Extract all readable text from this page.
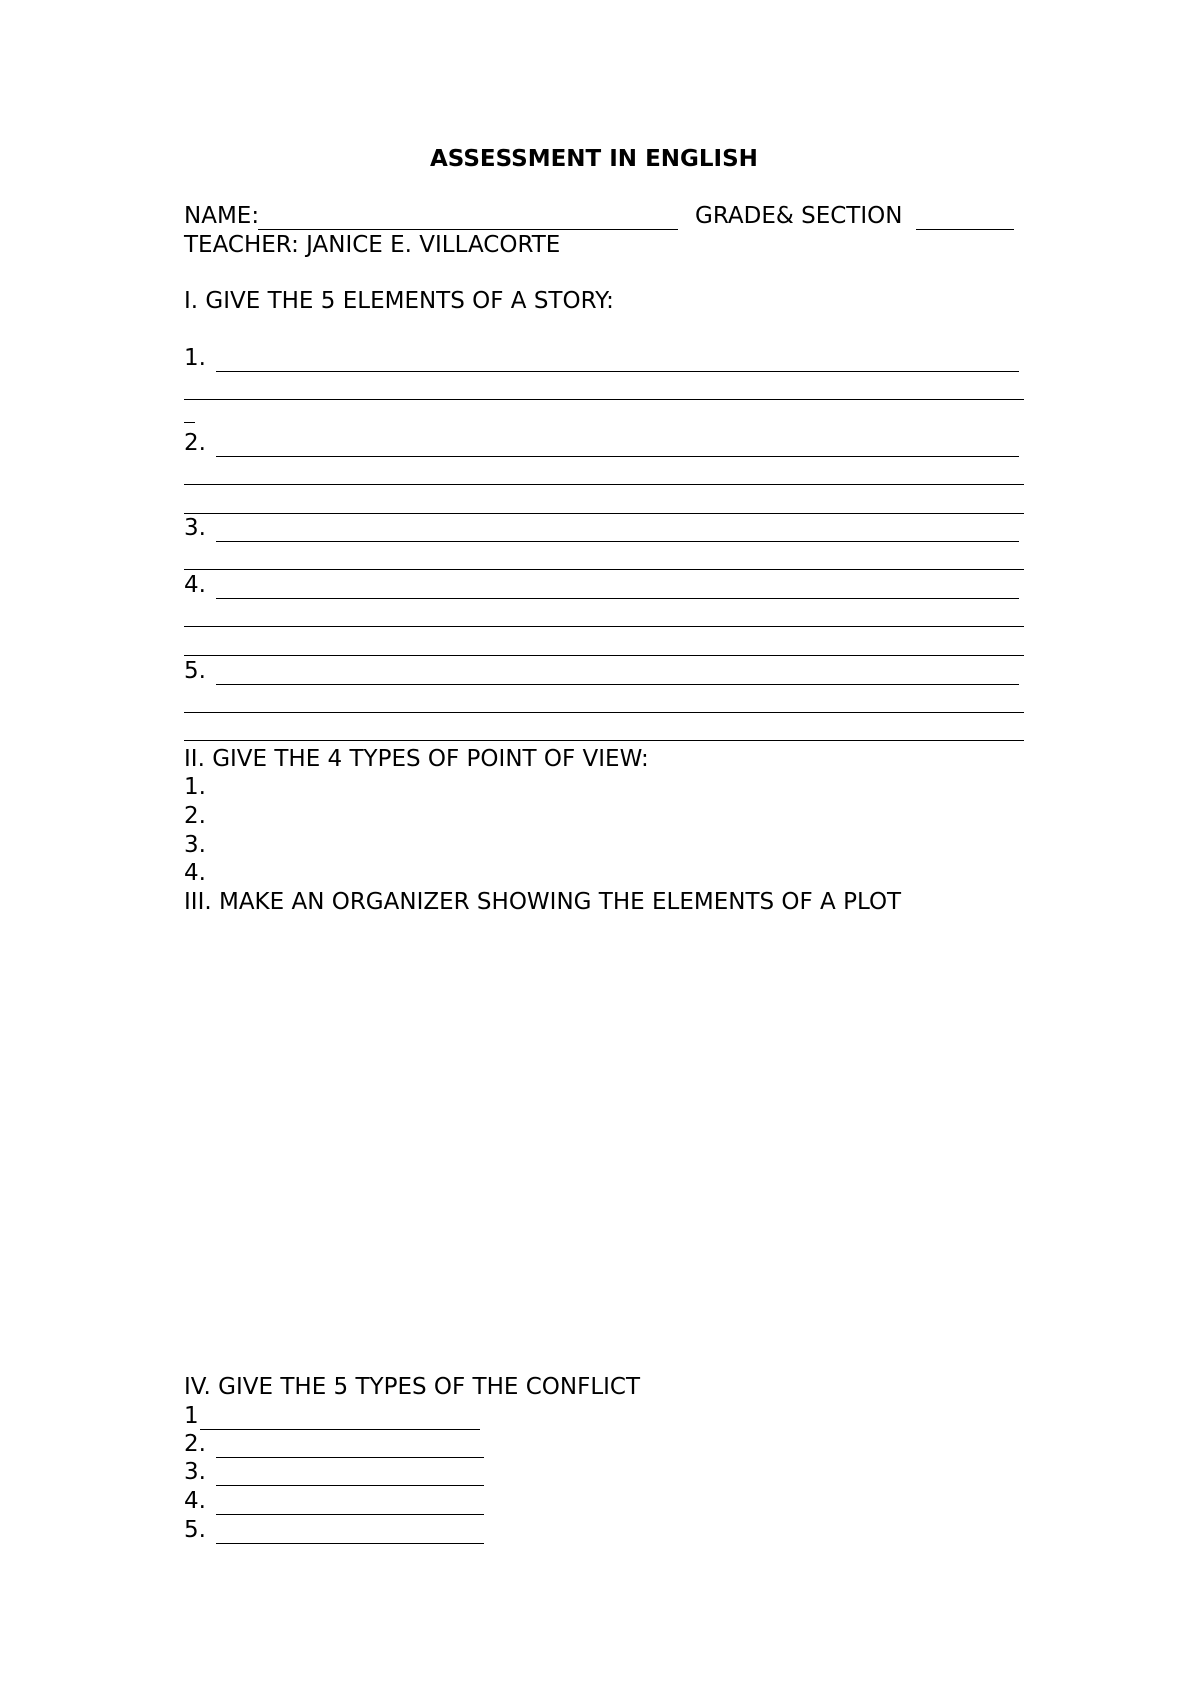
ASSESSMENT IN ENGLISH
NAME:	GRADE& SECTION
TEACHER: JANICE E. VILLACORTE
I. GIVE THE 5 ELEMENTS OF A STORY:
1.
2.
3.
4.
5.
II. GIVE THE 4 TYPES OF POINT OF VIEW:
1.
2.
3.
4.
III. MAKE AN ORGANIZER SHOWING THE ELEMENTS OF A PLOT
IV. GIVE THE 5 TYPES OF THE CONFLICT
1
2.
3.
4.
5.
